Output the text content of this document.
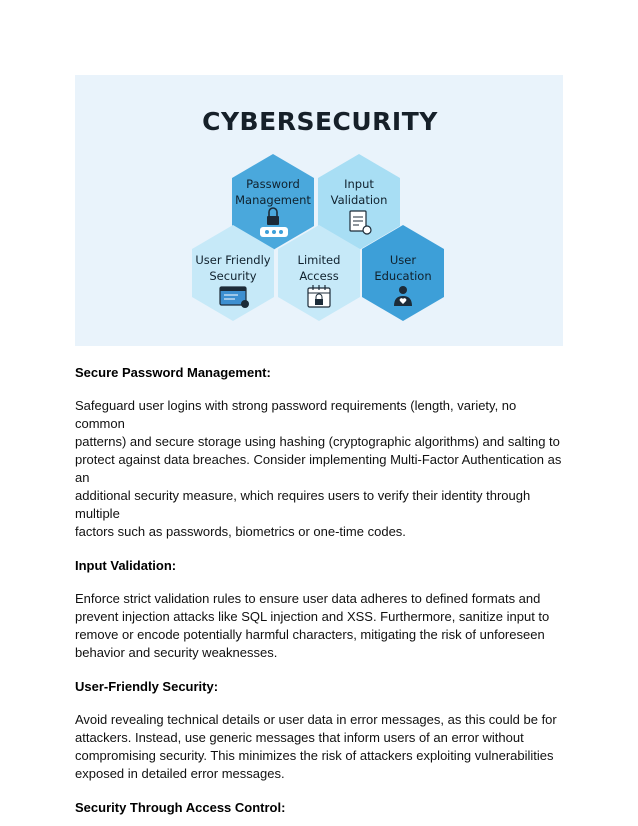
CYBERSECURITY
Password
Management
Input
Validation
User Friendly
Security
Limited
Access
User
Education
Secure Password Management:

Safeguard user logins with strong password requirements (length, variety, no common
patterns) and secure storage using hashing (cryptographic algorithms) and salting to
protect against data breaches. Consider implementing Multi-Factor Authentication as an
additional security measure, which requires users to verify their identity through multiple
factors such as passwords, biometrics or one-time codes.

Input Validation:

Enforce strict validation rules to ensure user data adheres to defined formats and
prevent injection attacks like SQL injection and XSS. Furthermore, sanitize input to
remove or encode potentially harmful characters, mitigating the risk of unforeseen
behavior and security weaknesses.

User-Friendly Security:

Avoid revealing technical details or user data in error messages, as this could be for
attackers. Instead, use generic messages that inform users of an error without
compromising security. This minimizes the risk of attackers exploiting vulnerabilities
exposed in detailed error messages.

Security Through Access Control:
